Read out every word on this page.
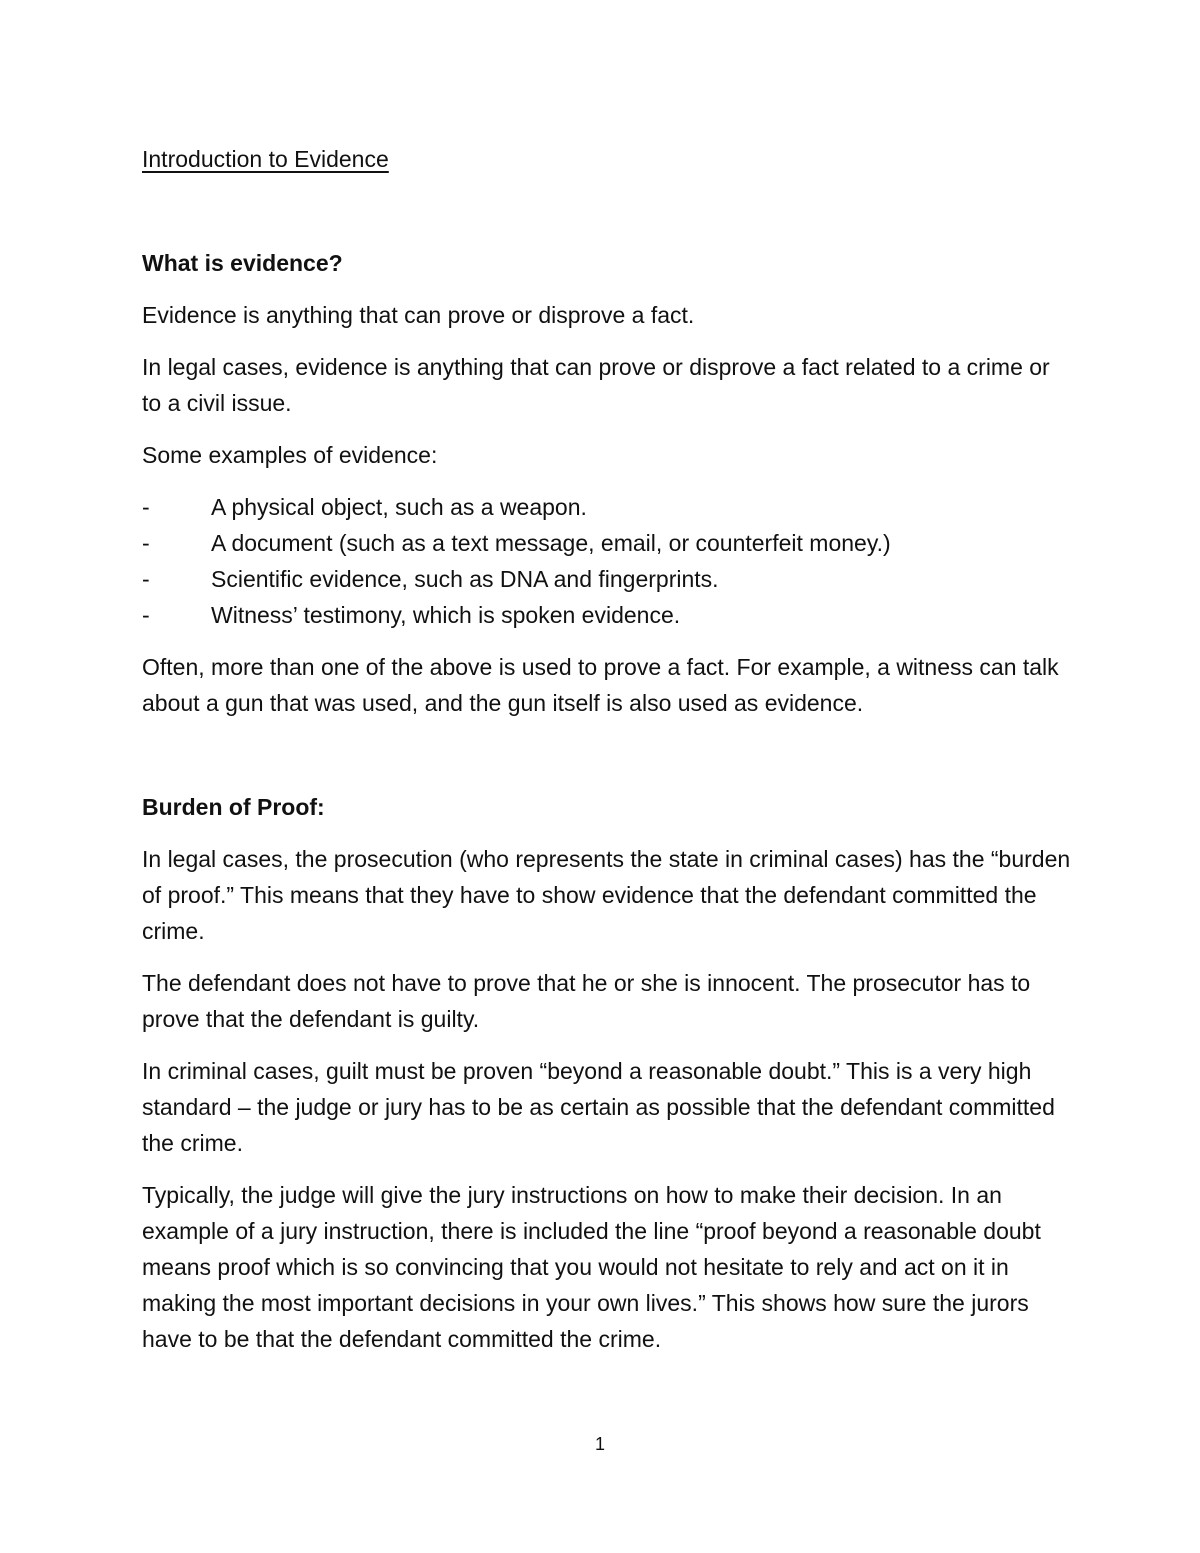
Introduction to Evidence
What is evidence?

Evidence is anything that can prove or disprove a fact.

In legal cases, evidence is anything that can prove or disprove a fact related to a crime or to a civil issue.

Some examples of evidence:

-	A physical object, such as a weapon.
-	A document (such as a text message, email, or counterfeit money.)
-	Scientific evidence, such as DNA and fingerprints.
-	Witness’ testimony, which is spoken evidence.

Often, more than one of the above is used to prove a fact. For example, a witness can talk about a gun that was used, and the gun itself is also used as evidence.

Burden of Proof:

In legal cases, the prosecution (who represents the state in criminal cases) has the “burden of proof.” This means that they have to show evidence that the defendant committed the crime.

The defendant does not have to prove that he or she is innocent. The prosecutor has to prove that the defendant is guilty.

In criminal cases, guilt must be proven “beyond a reasonable doubt.” This is a very high standard – the judge or jury has to be as certain as possible that the defendant committed the crime.

Typically, the judge will give the jury instructions on how to make their decision. In an example of a jury instruction, there is included the line “proof beyond a reasonable doubt means proof which is so convincing that you would not hesitate to rely and act on it in making the most important decisions in your own lives.” This shows how sure the jurors have to be that the defendant committed the crime.

1
